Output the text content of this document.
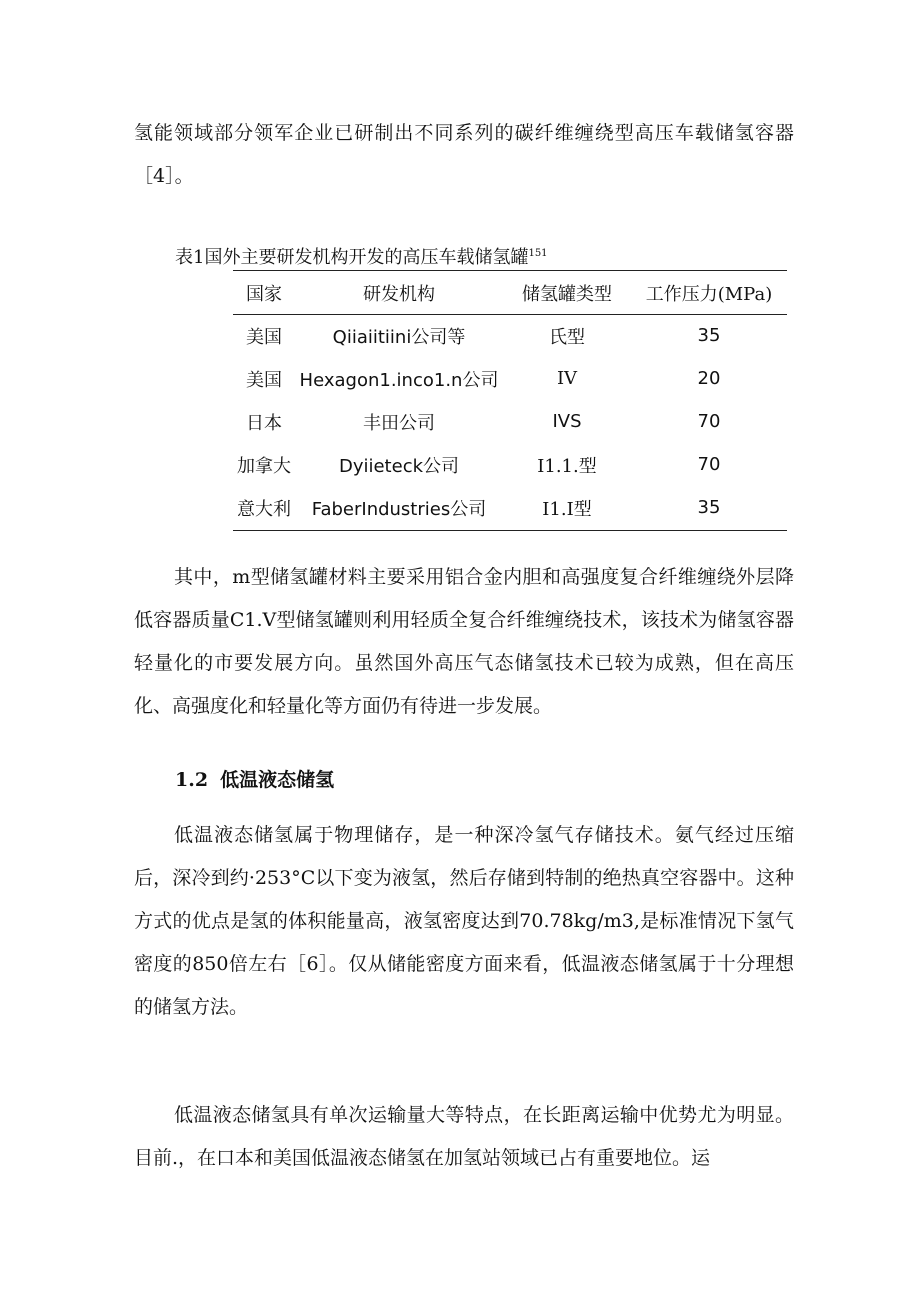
氢能领域部分领军企业已研制出不同系列的碳纤维缠绕型高压车载储氢容器［4］。

表1国外主要研发机构开发的高压车载储氢罐$^{151}$
国家	研发机构	储氢罐类型	工作压力(MPa)
美国	Qiiaiitiini公司等	氏型	35
美国	Hexagon1.inco1.n公司	IV	20
日本	丰田公司	IVS	70
加拿大	Dyiieteck公司	I1.1.型	70
意大利	FaberIndustries公司	I1.I型	35

其中，m型储氢罐材料主要采用铝合金内胆和高强度复合纤维缠绕外层降低容器质量C1.V型储氢罐则利用轻质全复合纤维缠绕技术，该技术为储氢容器轻量化的市要发展方向。虽然国外高压气态储氢技术已较为成熟，但在高压化、高强度化和轻量化等方面仍有待进一步发展。

1.2 低温液态储氢

低温液态储氢属于物理储存，是一种深冷氢气存储技术。氨气经过压缩后，深冷到约·253°C以下变为液氢，然后存储到特制的绝热真空容器中。这种方式的优点是氢的体积能量高，液氢密度达到70.78kg∕m3,是标准情况下氢气密度的850倍左右［6］。仅从储能密度方面来看，低温液态储氢属于十分理想的储氢方法。

低温液态储氢具有单次运输量大等特点，在长距离运输中优势尤为明显。目前.，在口本和美国低温液态储氢在加氢站领域已占有重要地位。运
